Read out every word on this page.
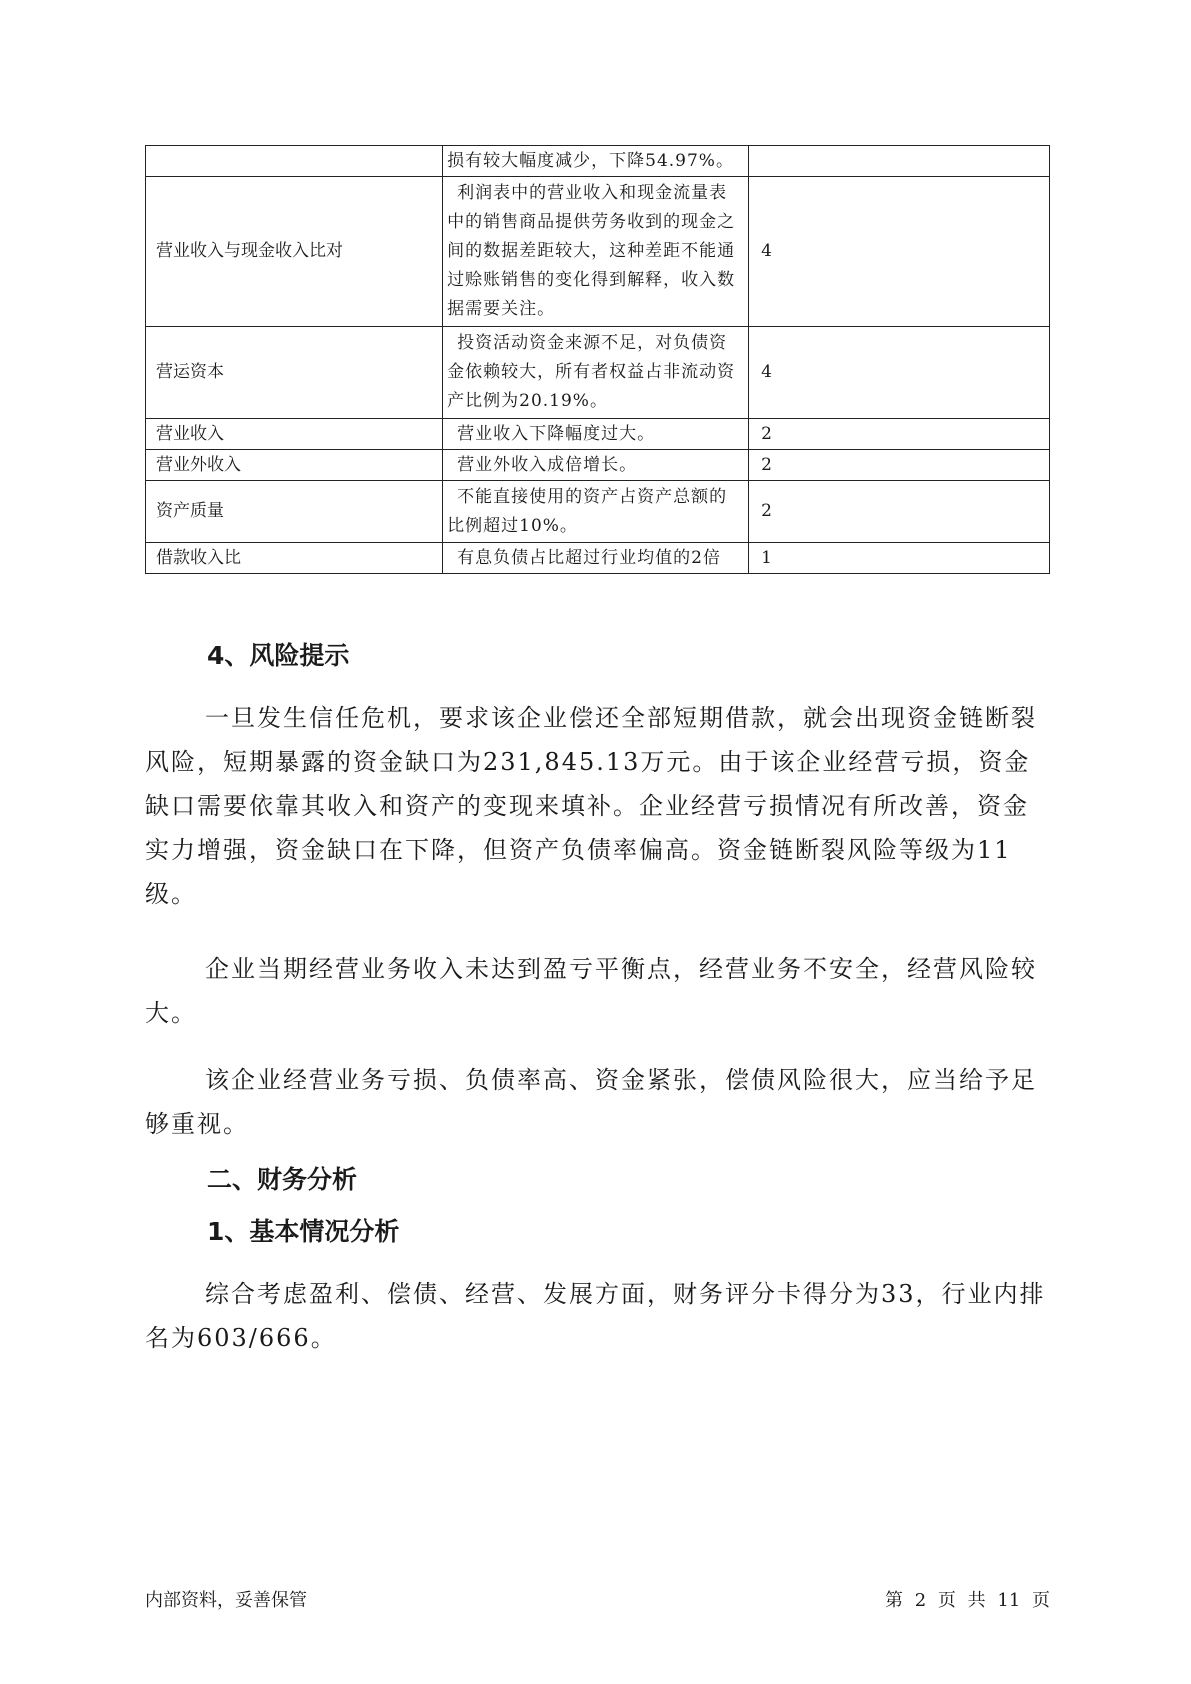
	损有较大幅度减少，下降54.97%。	
营业收入与现金收入比对	利润表中的营业收入和现金流量表中的销售商品提供劳务收到的现金之间的数据差距较大，这种差距不能通过赊账销售的变化得到解释，收入数据需要关注。	4
营运资本	投资活动资金来源不足，对负债资金依赖较大，所有者权益占非流动资产比例为20.19%。	4
营业收入	营业收入下降幅度过大。	2
营业外收入	营业外收入成倍增长。	2
资产质量	不能直接使用的资产占资产总额的比例超过10%。	2
借款收入比	有息负债占比超过行业均值的2倍	1
4、风险提示
一旦发生信任危机，要求该企业偿还全部短期借款，就会出现资金链断裂风险，短期暴露的资金缺口为231,845.13万元。由于该企业经营亏损，资金缺口需要依靠其收入和资产的变现来填补。企业经营亏损情况有所改善，资金实力增强，资金缺口在下降，但资产负债率偏高。资金链断裂风险等级为11级。
企业当期经营业务收入未达到盈亏平衡点，经营业务不安全，经营风险较大。
该企业经营业务亏损、负债率高、资金紧张，偿债风险很大，应当给予足够重视。
二、财务分析
1、基本情况分析
综合考虑盈利、偿债、经营、发展方面，财务评分卡得分为33，行业内排名为603/666。
内部资料，妥善保管	第 2 页 共 11 页
